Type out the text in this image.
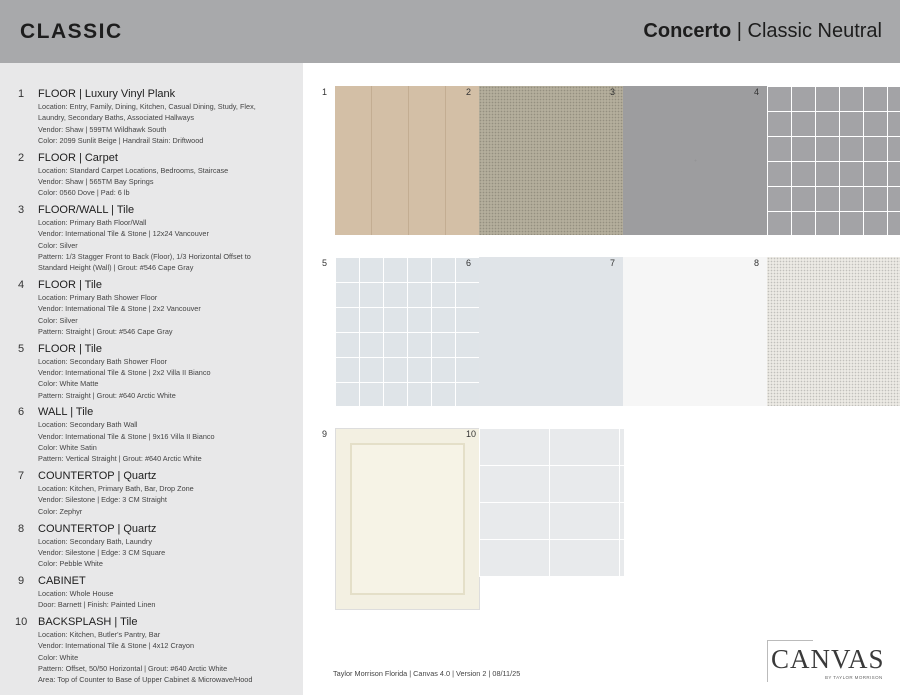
CLASSIC	Concerto | Classic Neutral
1 FLOOR | Luxury Vinyl Plank
Location: Entry, Family, Dining, Kitchen, Casual Dining, Study, Flex,
Laundry, Secondary Baths, Associated Hallways
Vendor: Shaw | 599TM Wildhawk South
Color: 2099 Sunlit Beige | Handrail Stain: Driftwood
2 FLOOR | Carpet
Location: Standard Carpet Locations, Bedrooms, Staircase
Vendor: Shaw | 565TM Bay Springs
Color: 0560 Dove | Pad: 6 lb
3 FLOOR/WALL | Tile
Location: Primary Bath Floor/Wall
Vendor: International Tile & Stone | 12x24 Vancouver
Color: Silver
Pattern: 1/3 Stagger Front to Back (Floor), 1/3 Horizontal Offset to
Standard Height (Wall) | Grout: #546 Cape Gray
4 FLOOR | Tile
Location: Primary Bath Shower Floor
Vendor: International Tile & Stone | 2x2 Vancouver
Color: Silver
Pattern: Straight | Grout: #546 Cape Gray
5 FLOOR | Tile
Location: Secondary Bath Shower Floor
Vendor: International Tile & Stone | 2x2 Villa II Bianco
Color: White Matte
Pattern: Straight | Grout: #640 Arctic White
6 WALL | Tile
Location: Secondary Bath Wall
Vendor: International Tile & Stone | 9x16 Villa II Bianco
Color: White Satin
Pattern: Vertical Straight | Grout: #640 Arctic White
7 COUNTERTOP | Quartz
Location: Kitchen, Primary Bath, Bar, Drop Zone
Vendor: Silestone | Edge: 3 CM Straight
Color: Zephyr
8 COUNTERTOP | Quartz
Location: Secondary Bath, Laundry
Vendor: Silestone | Edge: 3 CM Square
Color: Pebble White
9 CABINET
Location: Whole House
Door: Barnett | Finish: Painted Linen
10 BACKSPLASH | Tile
Location: Kitchen, Butler's Pantry, Bar
Vendor: International Tile & Stone | 4x12 Crayon
Color: White
Pattern: Offset, 50/50 Horizontal | Grout: #640 Arctic White
Area: Top of Counter to Base of Upper Cabinet & Microwave/Hood
1	2	3	4
5	6	7	8
9	10
Taylor Morrison Florida | Canvas 4.0 | Version 2 | 08/11/25	CANVAS
BY TAYLOR MORRISON
